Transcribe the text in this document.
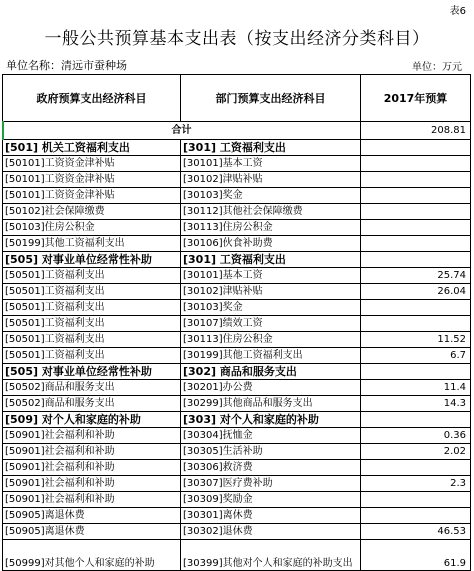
表6
一般公共预算基本支出表（按支出经济分类科目）
单位名称：清远市蚕种场	单位：万元
政府预算支出经济科目	部门预算支出经济科目	2017年预算
合计		208.81
[501] 机关工资福利支出	[301] 工资福利支出	
[50101]工资资金津补贴	[30101]基本工资	
[50101]工资资金津补贴	[30102]津贴补贴	
[50101]工资资金津补贴	[30103]奖金	
[50102]社会保障缴费	[30112]其他社会保障缴费	
[50103]住房公积金	[30113]住房公积金	
[50199]其他工资福利支出	[30106]伙食补助费	
[505] 对事业单位经常性补助	[301] 工资福利支出	
[50501]工资福利支出	[30101]基本工资	25.74
[50501]工资福利支出	[30102]津贴补贴	26.04
[50501]工资福利支出	[30103]奖金	
[50501]工资福利支出	[30107]绩效工资	
[50501]工资福利支出	[30113]住房公积金	11.52
[50501]工资福利支出	[30199]其他工资福利支出	6.7
[505] 对事业单位经常性补助	[302] 商品和服务支出	
[50502]商品和服务支出	[30201]办公费	11.4
[50502]商品和服务支出	[30299]其他商品和服务支出	14.3
[509] 对个人和家庭的补助	[303] 对个人和家庭的补助	
[50901]社会福利和补助	[30304]抚恤金	0.36
[50901]社会福利和补助	[30305]生活补助	2.02
[50901]社会福利和补助	[30306]救济费	
[50901]社会福利和补助	[30307]医疗费补助	2.3
[50901]社会福利和补助	[30309]奖励金	
[50905]离退休费	[30301]离休费	
[50905]离退休费	[30302]退休费	46.53
[50999]对其他个人和家庭的补助	[30399]其他对个人和家庭的补助支出	61.9
